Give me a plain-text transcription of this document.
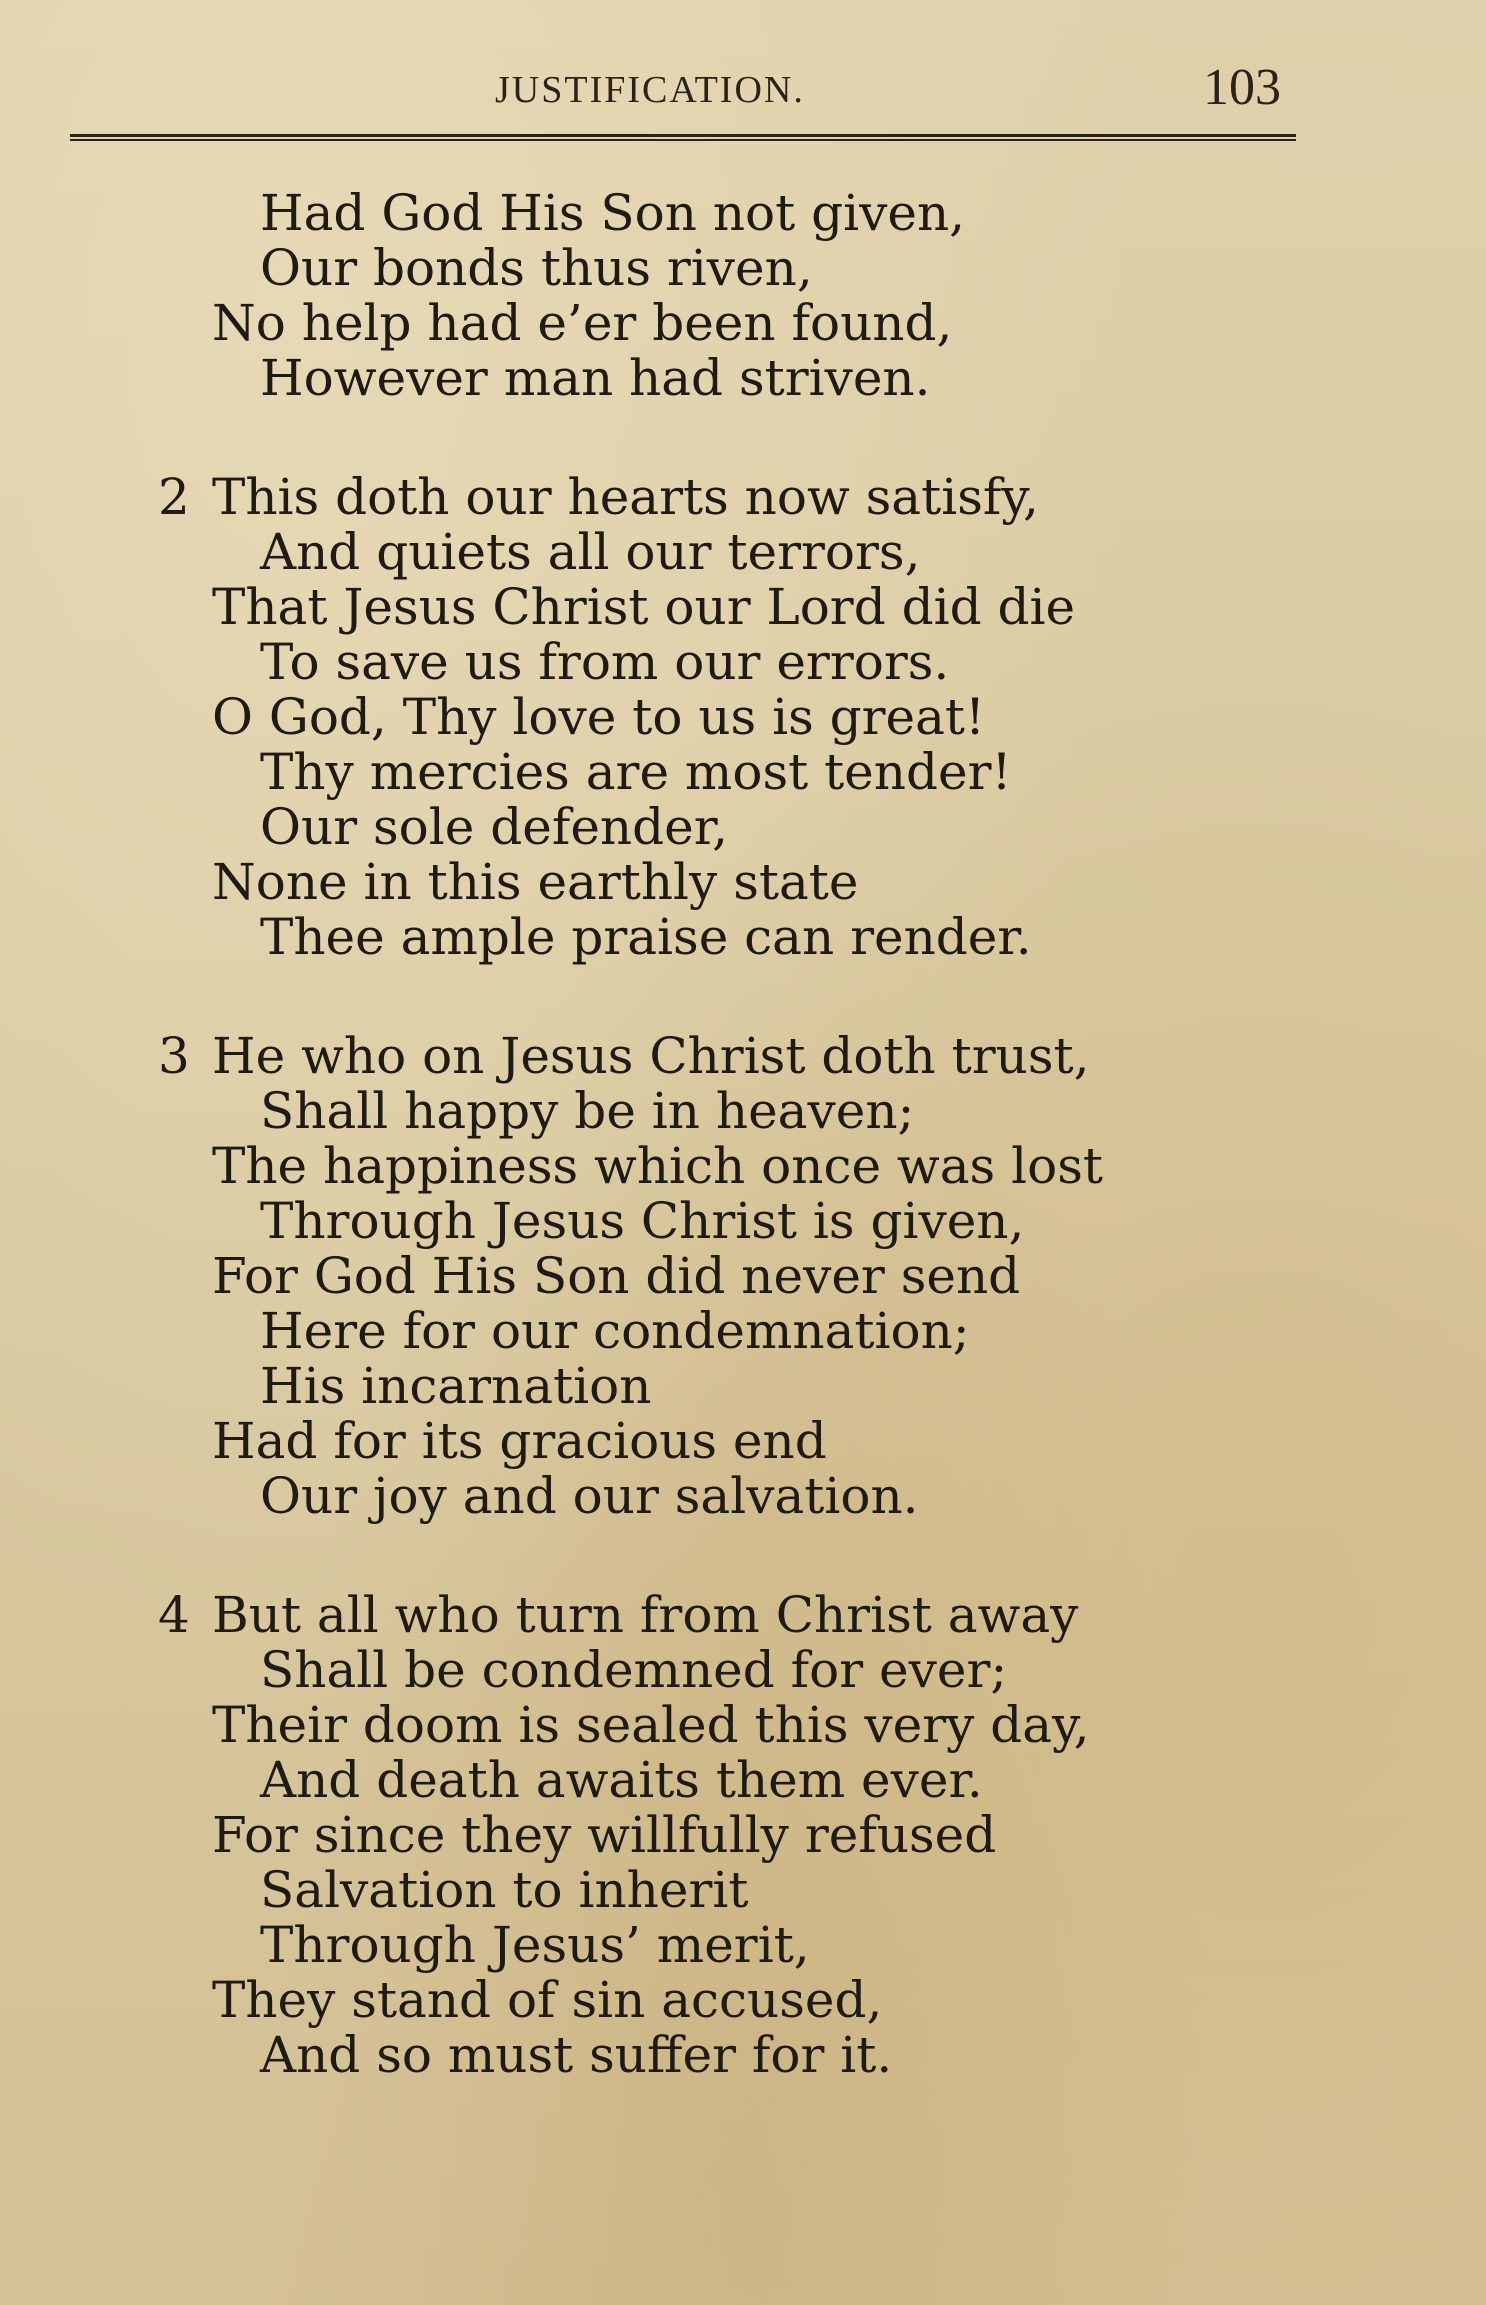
JUSTIFICATION.	103
Had God His Son not given,
Our bonds thus riven,
No help had e’er been found,
However man had striven.
2 This doth our hearts now satisfy,
And quiets all our terrors,
That Jesus Christ our Lord did die
To save us from our errors.
O God, Thy love to us is great!
Thy mercies are most tender!
Our sole defender,
None in this earthly state
Thee ample praise can render.
3 He who on Jesus Christ doth trust,
Shall happy be in heaven;
The happiness which once was lost
Through Jesus Christ is given,
For God His Son did never send
Here for our condemnation;
His incarnation
Had for its gracious end
Our joy and our salvation.
4 But all who turn from Christ away
Shall be condemned for ever;
Their doom is sealed this very day,
And death awaits them ever.
For since they willfully refused
Salvation to inherit
Through Jesus’ merit,
They stand of sin accused,
And so must suffer for it.
